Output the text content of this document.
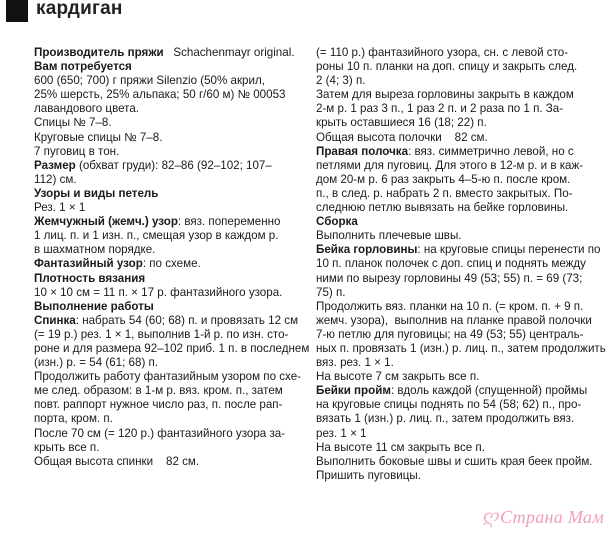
кардиган
Производитель пряжи   Schachenmayr original.
Вам потребуется
600 (650; 700) г пряжи Silenzio (50% акрил,
25% шерсть, 25% альпака; 50 г/60 м) № 00053
лавандового цвета.
Спицы № 7–8.
Круговые спицы № 7–8.
7 пуговиц в тон.
Размер (обхват груди): 82–86 (92–102; 107–
112) см.
Узоры и виды петель
Рез. 1 × 1
Жемчужный (жемч.) узор: вяз. попеременно
1 лиц. п. и 1 изн. п., смещая узор в каждом р.
в шахматном порядке.
Фантазийный узор: по схеме.
Плотность вязания
10 × 10 см = 11 п. × 17 р. фантазийного узора.
Выполнение работы
Спинка: набрать 54 (60; 68) п. и провязать 12 см
(= 19 р.) рез. 1 × 1, выполнив 1-й р. по изн. сто-
роне и для размера 92–102 приб. 1 п. в последнем
(изн.) р. = 54 (61; 68) п.
Продолжить работу фантазийным узором по схе-
ме след. образом: в 1-м р. вяз. кром. п., затем
повт. раппорт нужное число раз, п. после рап-
порта, кром. п.
После 70 см (= 120 р.) фантазийного узора за-
крыть все п.
Общая высота спинки    82 см.
(= 110 р.) фантазийного узора, сн. с левой сто-
роны 10 п. планки на доп. спицу и закрыть след.
2 (4; 3) п.
Затем для выреза горловины закрыть в каждом
2-м р. 1 раз 3 п., 1 раз 2 п. и 2 раза по 1 п. За-
крыть оставшиеся 16 (18; 22) п.
Общая высота полочки    82 см.
Правая полочка: вяз. симметрично левой, но с
петлями для пуговиц. Для этого в 12-м р. и в каж-
дом 20-м р. 6 раз закрыть 4–5-ю п. после кром.
п., в след. р. набрать 2 п. вместо закрытых. По-
следнюю петлю вывязать на бейке горловины.
Сборка
Выполнить плечевые швы.
Бейка горловины: на круговые спицы перенести по
10 п. планок полочек с доп. спиц и поднять между
ними по вырезу горловины 49 (53; 55) п. = 69 (73;
75) п.
Продолжить вяз. планки на 10 п. (= кром. п. + 9 п.
жемч. узора),  выполнив на планке правой полочки
7-ю петлю для пуговицы; на 49 (53; 55) централь-
ных п. провязать 1 (изн.) р. лиц. п., затем продолжить
вяз. рез. 1 × 1.
На высоте 7 см закрыть все п.
Бейки пройм: вдоль каждой (спущенной) проймы
на круговые спицы поднять по 54 (58; 62) п., про-
вязать 1 (изн.) р. лиц. п., затем продолжить вяз.
рез. 1 × 1
На высоте 11 см закрыть все п.
Выполнить боковые швы и сшить края беек пройм.
Пришить пуговицы.
ღСтрана Мам
